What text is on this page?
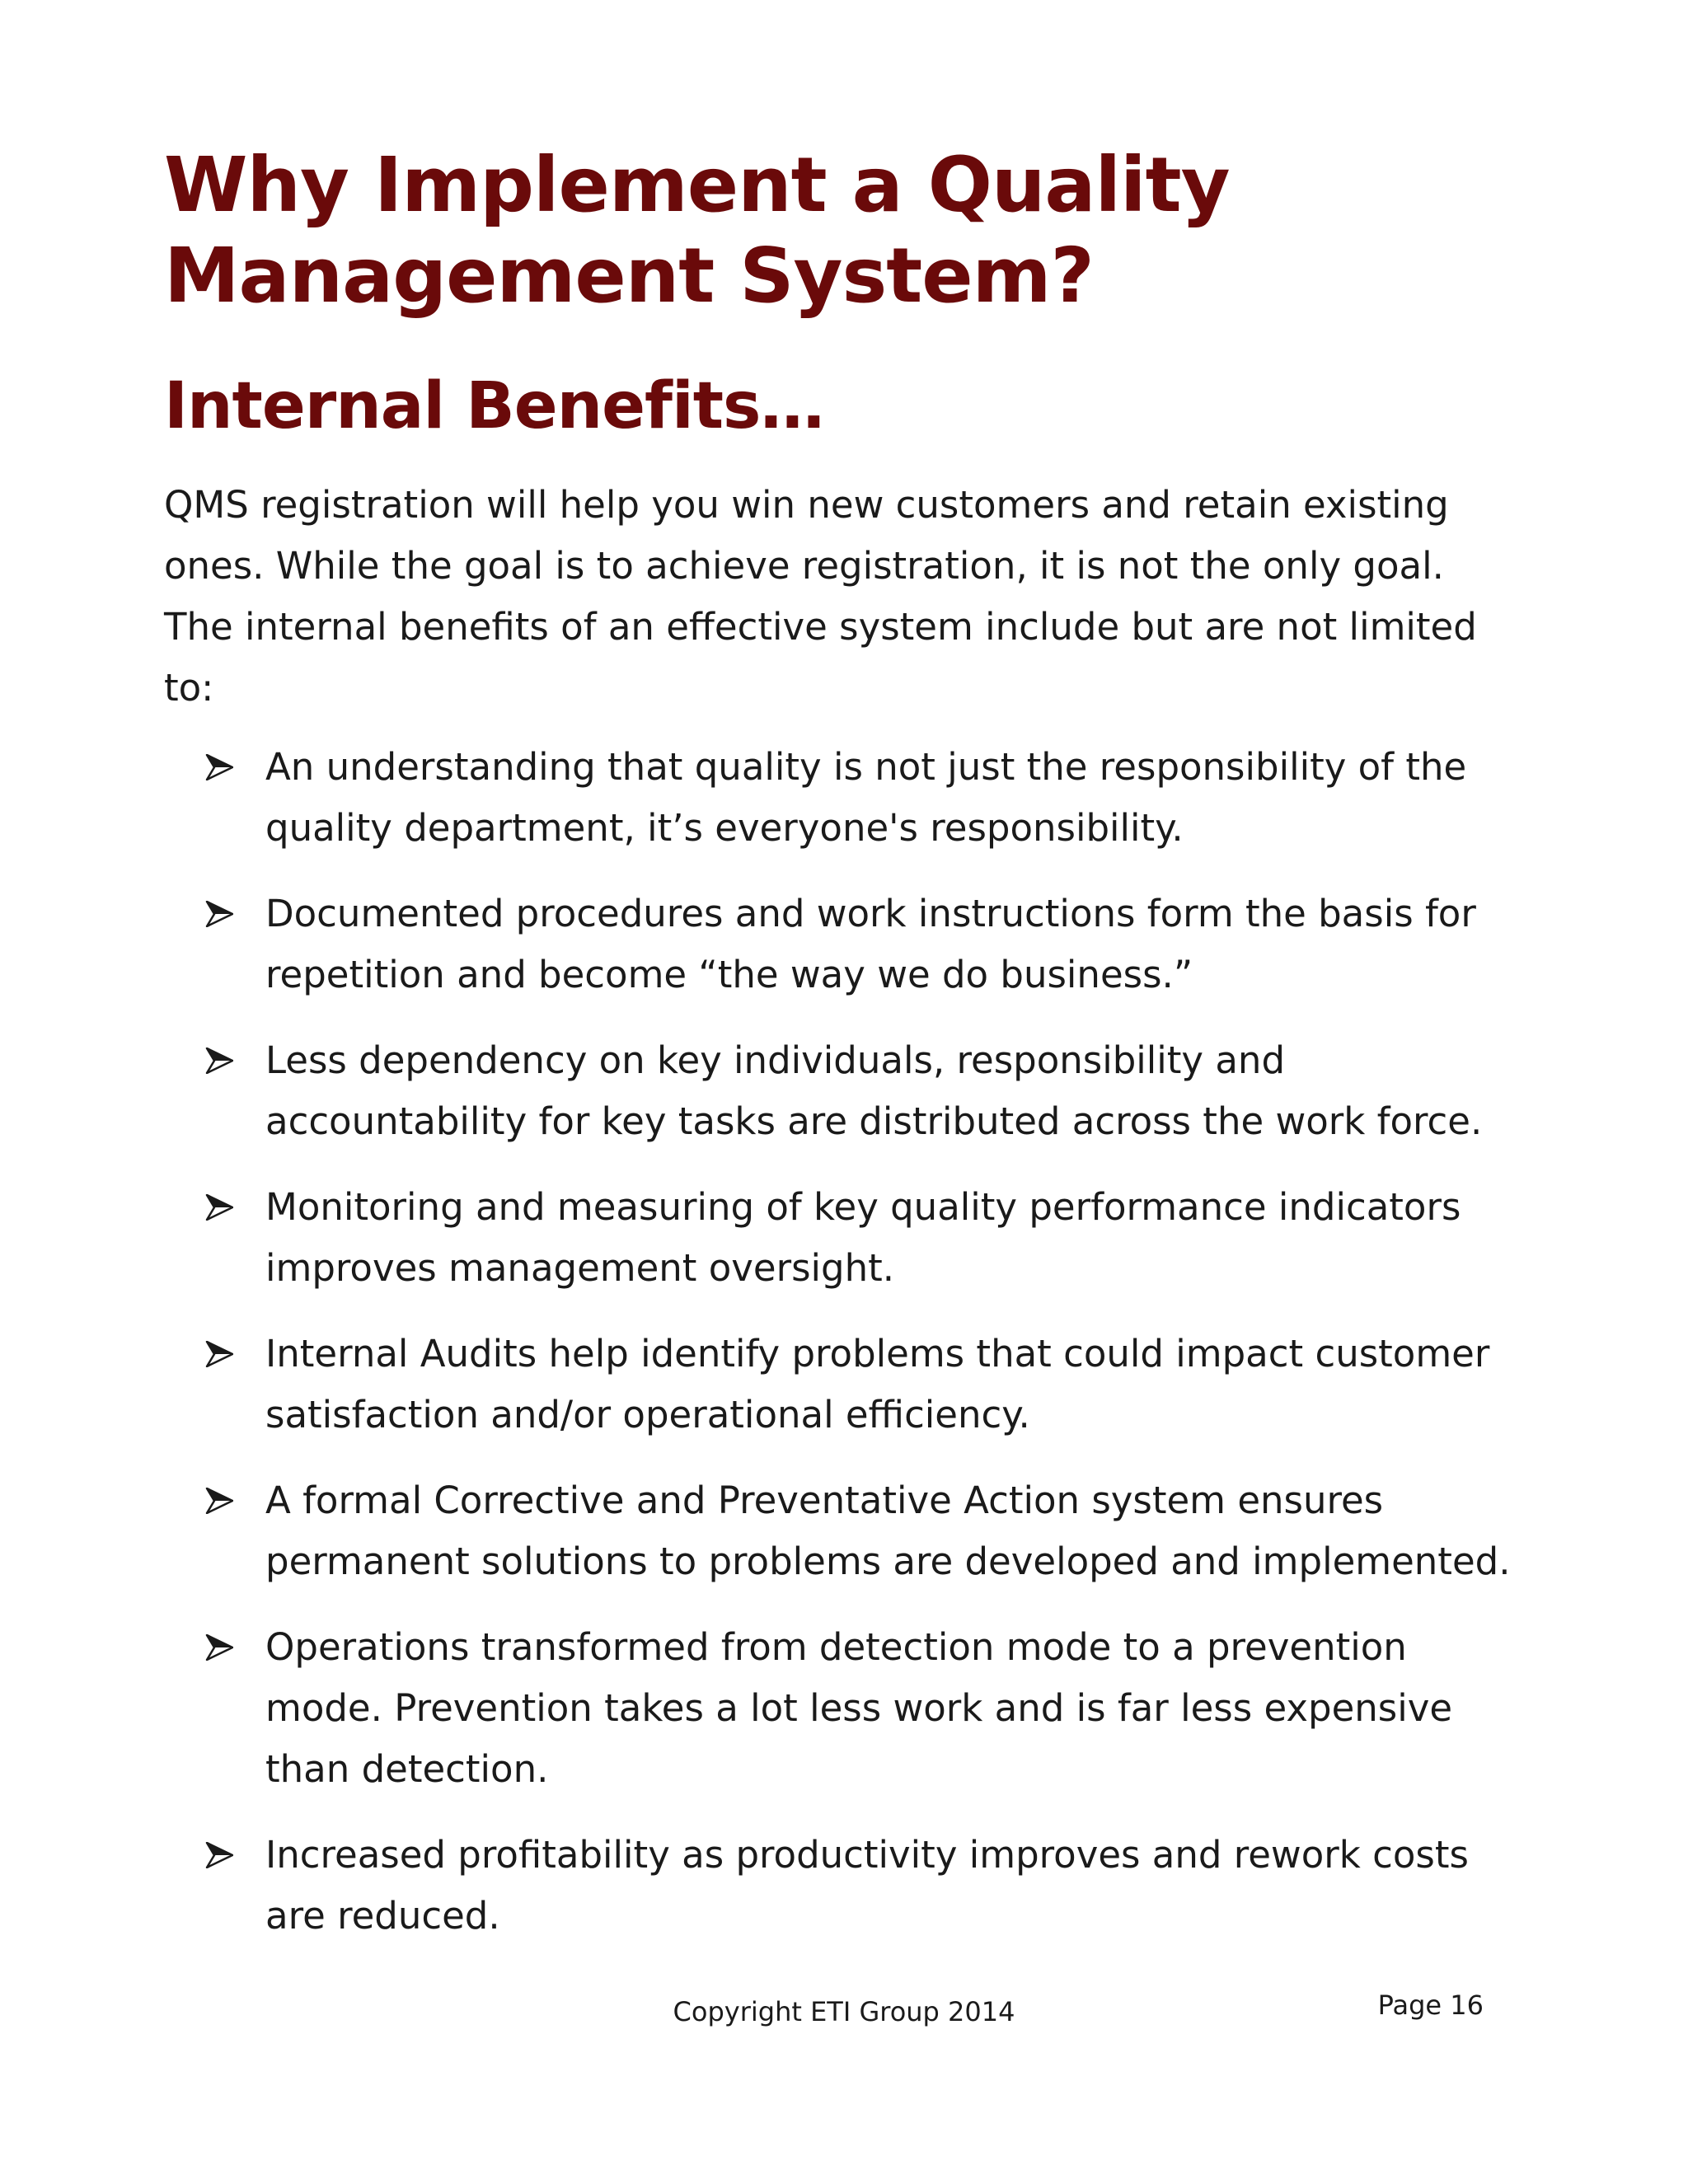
Why Implement a Quality
Management System?
Internal Benefits…

QMS registration will help you win new customers and retain existing ones. While the goal is to achieve registration, it is not the only goal. The internal benefits of an effective system include but are not limited to:

An understanding that quality is not just the responsibility of the quality department, it’s everyone's responsibility.
Documented procedures and work instructions form the basis for repetition and become “the way we do business.”
Less dependency on key individuals, responsibility and accountability for key tasks are distributed across the work force.
Monitoring and measuring of key quality performance indicators improves management oversight.
Internal Audits help identify problems that could impact customer satisfaction and/or operational efficiency.
A formal Corrective and Preventative Action system ensures permanent solutions to problems are developed and implemented.
Operations transformed from detection mode to a prevention mode. Prevention takes a lot less work and is far less expensive than detection.
Increased profitability as productivity improves and rework costs are reduced.
Copyright ETI Group 2014	Page 16
